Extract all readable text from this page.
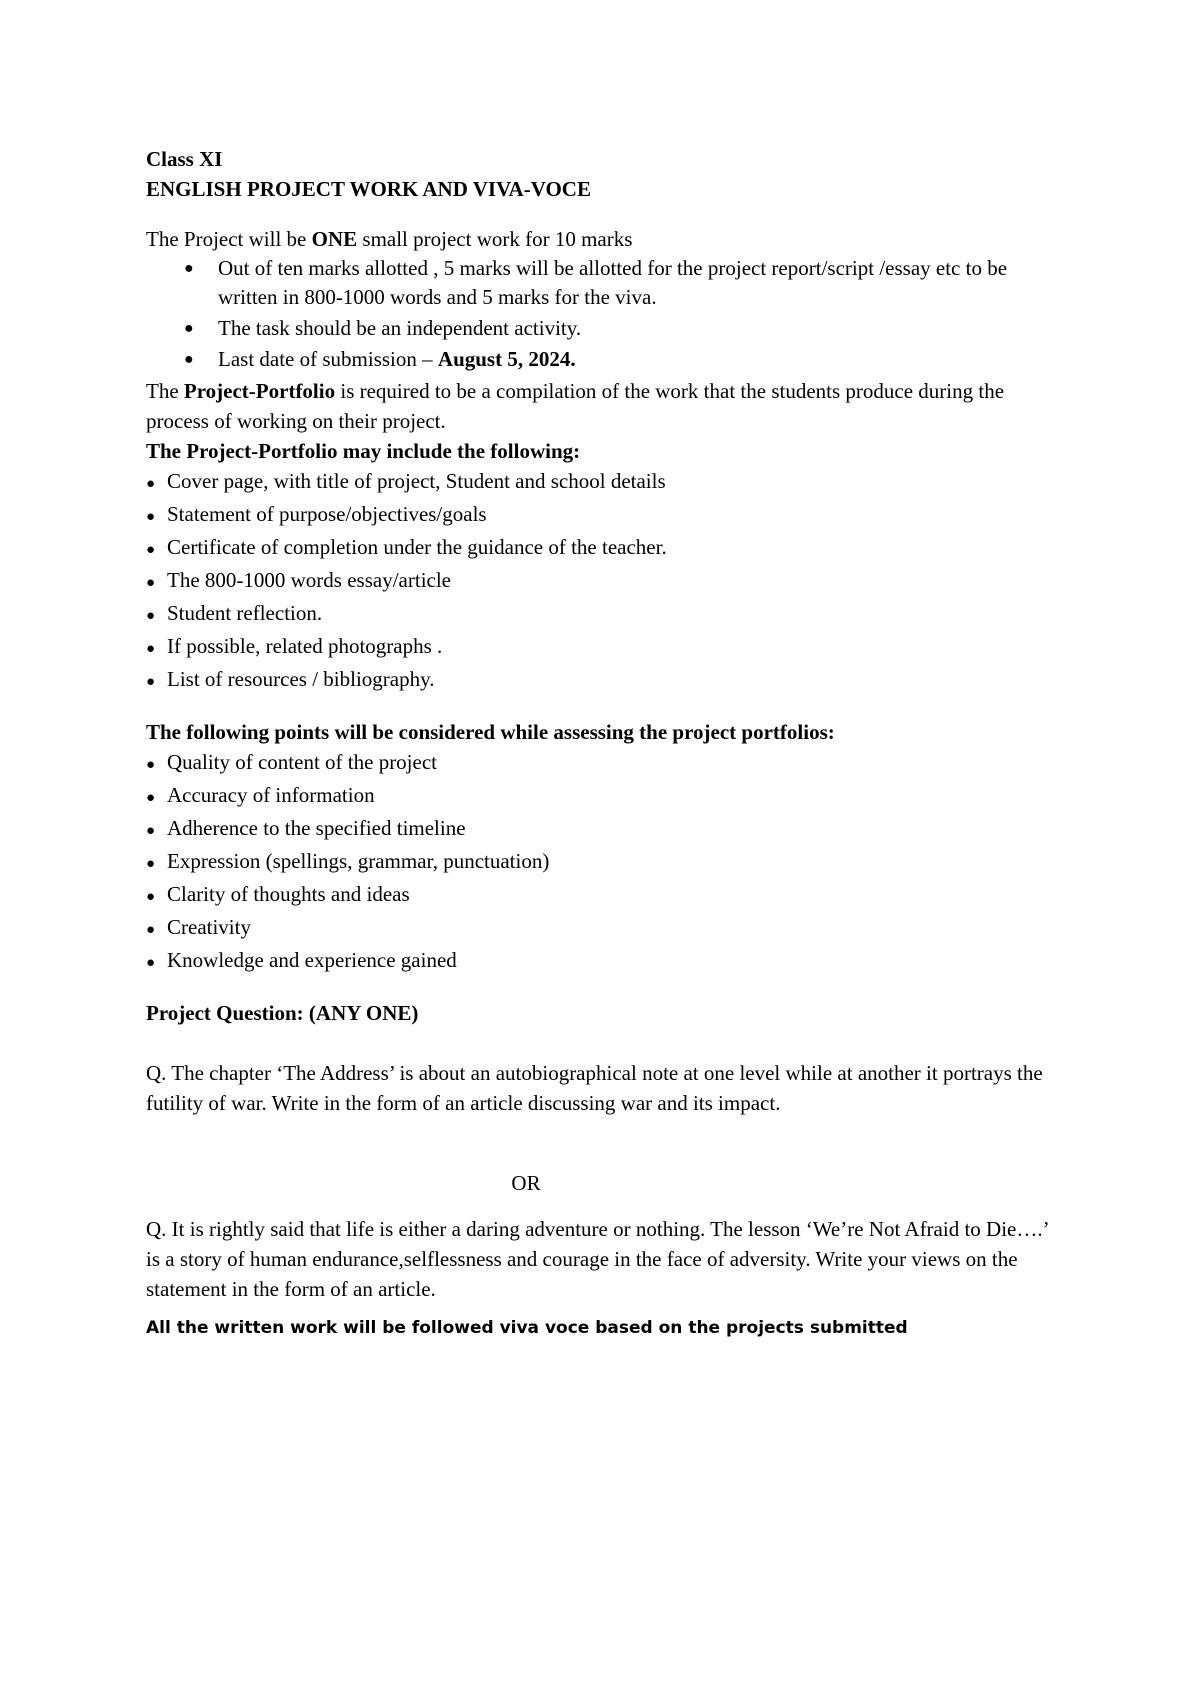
Class XI
ENGLISH PROJECT WORK AND VIVA-VOCE

The Project will be ONE small project work for 10 marks

● Out of ten marks allotted , 5 marks will be allotted for the project report/script /essay etc to be written in 800-1000 words and 5 marks for the viva.
● The task should be an independent activity.
● Last date of submission – August 5, 2024.

The Project-Portfolio is required to be a compilation of the work that the students produce during the process of working on their project.

The Project-Portfolio may include the following:
● Cover page, with title of project, Student and school details
● Statement of purpose/objectives/goals
● Certificate of completion under the guidance of the teacher.
● The 800-1000 words essay/article
● Student reflection.
● If possible, related photographs .
● List of resources / bibliography.
The following points will be considered while assessing the project portfolios:
● Quality of content of the project
● Accuracy of information
● Adherence to the specified timeline
● Expression (spellings, grammar, punctuation)
● Clarity of thoughts and ideas
● Creativity
● Knowledge and experience gained
Project Question: (ANY ONE)

Q. The chapter ‘The Address’ is about an autobiographical note at one level while at another it portrays the futility of war. Write in the form of an article discussing war and its impact.

OR

Q. It is rightly said that life is either a daring adventure or nothing. The lesson ‘We’re Not Afraid to Die….’ is a story of human endurance,selflessness and courage in the face of adversity. Write your views on the statement in the form of an article.

All the written work will be followed viva voce based on the projects submitted
